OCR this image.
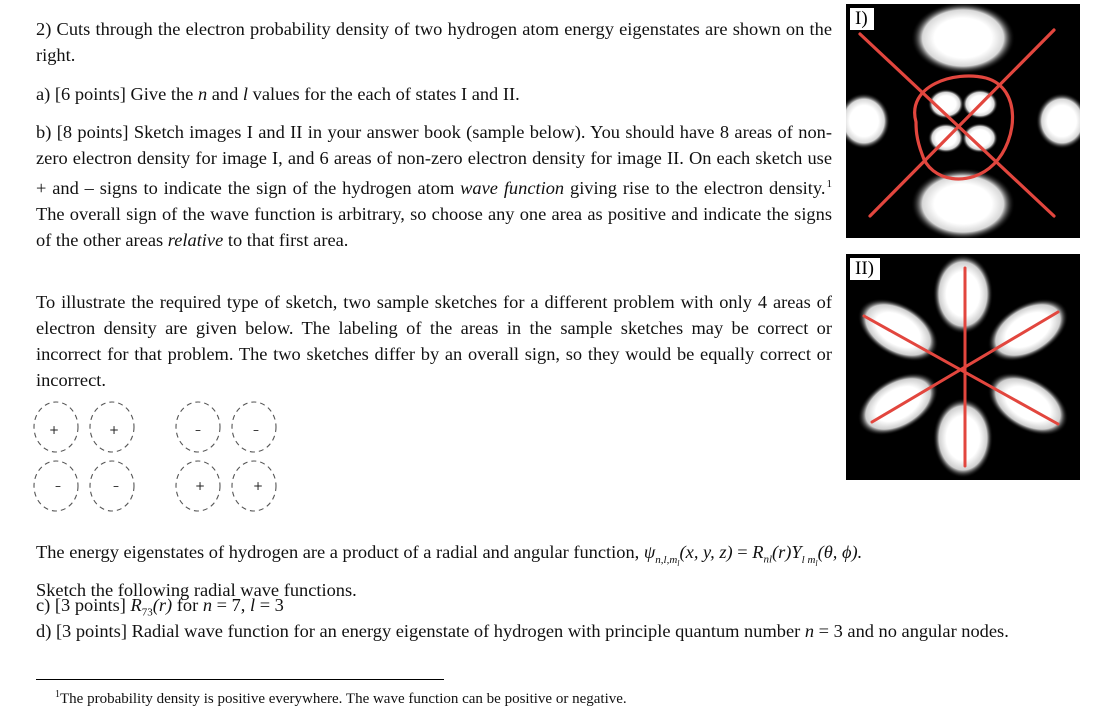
2) Cuts through the electron probability density of two hydrogen atom energy eigenstates are shown on the right.

a) [6 points] Give the n and l values for the each of states I and II.

b) [8 points] Sketch images I and II in your answer book (sample below). You should have 8 areas of non-zero electron density for image I, and 6 areas of non-zero electron density for image II. On each sketch use + and – signs to indicate the sign of the hydrogen atom wave function giving rise to the electron density.$^1$ The overall sign of the wave function is arbitrary, so choose any one area as positive and indicate the signs of the other areas relative to that first area.

To illustrate the required type of sketch, two sample sketches for a different problem with only 4 areas of electron density are given below. The labeling of the areas in the sample sketches may be correct or incorrect for that problem. The two sketches differ by an overall sign, so they would be equally correct or incorrect.

+	+
–	–
–	–
+	+
I)
II)

The energy eigenstates of hydrogen are a product of a radial and angular function, $\psi_{n,l,m_l}(x$, y, $z) = R_{nl}(r)Y_{l m_l}(\theta$, ϕ).
Sketch the following radial wave functions.

c) [3 points] $R_{73}(r)$ for n = 7, l = 3

d) [3 points] Radial wave function for an energy eigenstate of hydrogen with principle quantum number n = 3 and no angular nodes.

$^1$The probability density is positive everywhere. The wave function can be positive or negative.
